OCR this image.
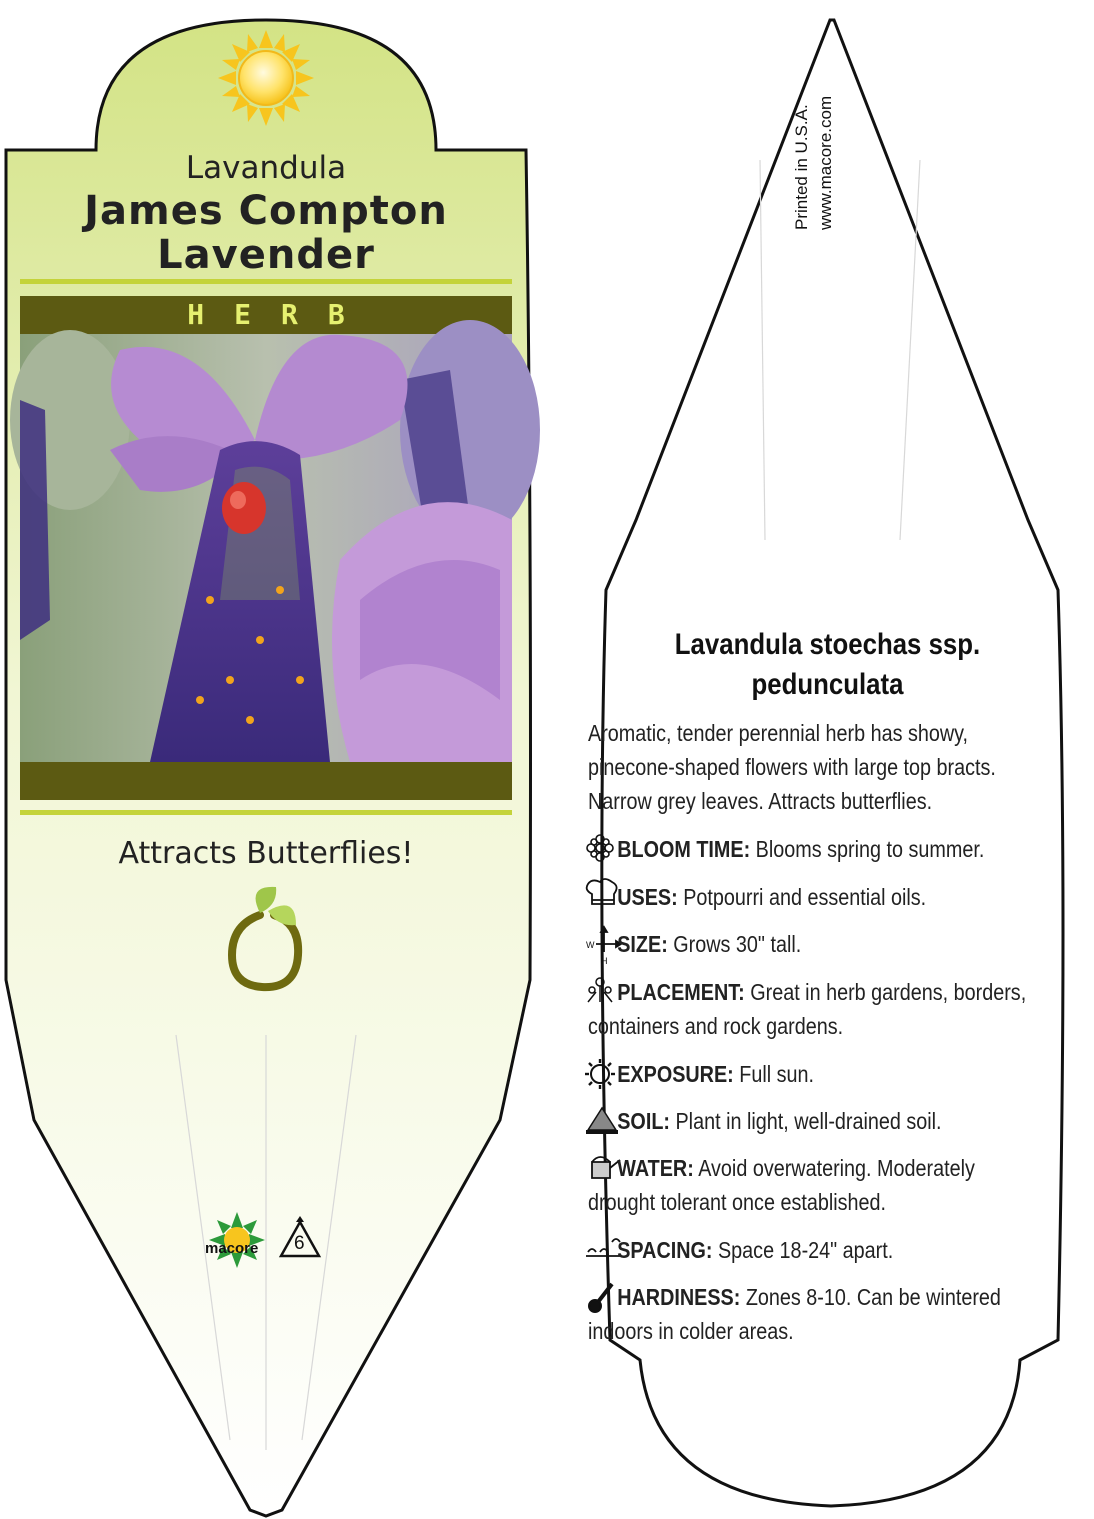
W
H
Lavandula
James Compton
Lavender
HERB
Attracts Butterflies!
macore 6
Printed in U.S.A. www.macore.com
Lavandula stoechas ssp.
pedunculata
Aromatic, tender perennial herb has showy,
pinecone-shaped flowers with large top bracts.
Narrow grey leaves. Attracts butterflies.
BLOOM TIME: Blooms spring to summer.
USES: Potpourri and essential oils.
SIZE: Grows 30" tall.
PLACEMENT: Great in herb gardens, borders,
containers and rock gardens.
EXPOSURE: Full sun.
SOIL: Plant in light, well-drained soil.
WATER: Avoid overwatering. Moderately
drought tolerant once established.
SPACING: Space 18-24" apart.
HARDINESS: Zones 8-10. Can be wintered
indoors in colder areas.
